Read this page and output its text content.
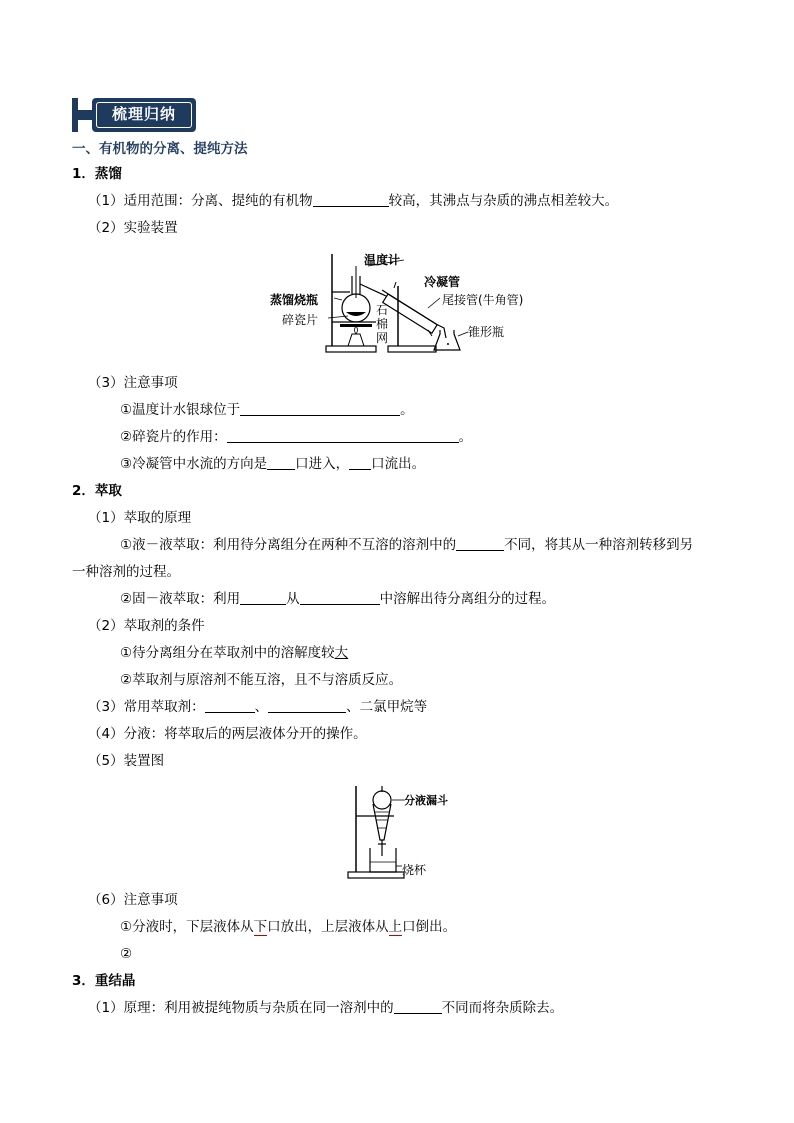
梳理归纳
一、有机物的分离、提纯方法
1．蒸馏
（1）适用范围：分离、提纯的有机物	较高，其沸点与杂质的沸点相差较大。
（2）实验装置
温度计
冷凝管
蒸馏烧瓶	尾接管(牛角管)
碎瓷片
石
棉
网	锥形瓶
（3）注意事项
①温度计水银球位于	。
②碎瓷片的作用：	。
③冷凝管中水流的方向是 口进入， 口流出。
2．萃取
（1）萃取的原理
①液－液萃取：利用待分离组分在两种不互溶的溶剂中的	不同，将其从一种溶剂转移到另
一种溶剂的过程。
②固－液萃取：利用	从	中溶解出待分离组分的过程。
（2）萃取剂的条件
①待分离组分在萃取剂中的溶解度较大
②萃取剂与原溶剂不能互溶，且不与溶质反应。
（3）常用萃取剂：	、	、二氯甲烷等
（4）分液：将萃取后的两层液体分开的操作。
（5）装置图
分液漏斗
烧杯
（6）注意事项
①分液时，下层液体从下口放出，上层液体从上口倒出。
②
3．重结晶
（1）原理：利用被提纯物质与杂质在同一溶剂中的	不同而将杂质除去。
